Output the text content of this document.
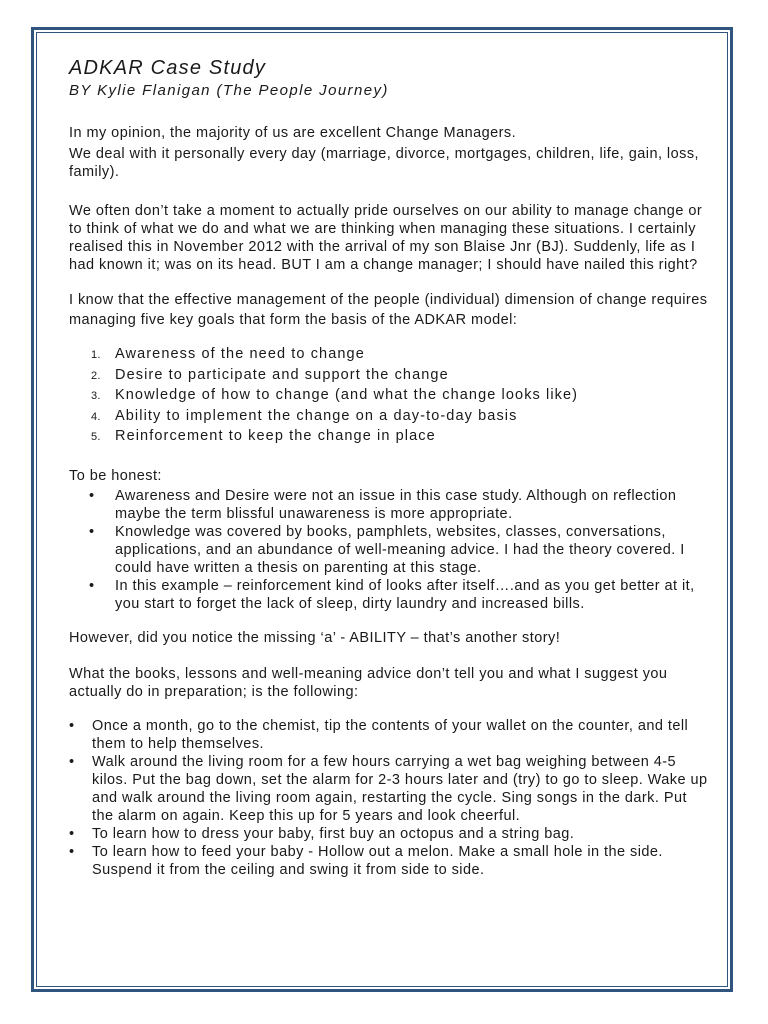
ADKAR Case Study
BY Kylie Flanigan (The People Journey)

In my opinion, the majority of us are excellent Change Managers.

We deal with it personally every day (marriage, divorce, mortgages, children, life, gain, loss, family).

We often don’t take a moment to actually pride ourselves on our ability to manage change or to think of what we do and what we are thinking when managing these situations. I certainly realised this in November 2012 with the arrival of my son Blaise Jnr (BJ). Suddenly, life as I had known it; was on its head. BUT I am a change manager; I should have nailed this right?

I know that the effective management of the people (individual) dimension of change requires managing five key goals that form the basis of the ADKAR model:

1. Awareness of the need to change
2. Desire to participate and support the change
3. Knowledge of how to change (and what the change looks like)
4. Ability to implement the change on a day-to-day basis
5. Reinforcement to keep the change in place

To be honest:

• Awareness and Desire were not an issue in this case study. Although on reflection maybe the term blissful unawareness is more appropriate.
• Knowledge was covered by books, pamphlets, websites, classes, conversations, applications, and an abundance of well-meaning advice. I had the theory covered. I could have written a thesis on parenting at this stage.
• In this example – reinforcement kind of looks after itself….and as you get better at it, you start to forget the lack of sleep, dirty laundry and increased bills.

However, did you notice the missing ‘a’ - ABILITY – that’s another story!

What the books, lessons and well-meaning advice don’t tell you and what I suggest you actually do in preparation; is the following:

• Once a month, go to the chemist, tip the contents of your wallet on the counter, and tell them to help themselves.
• Walk around the living room for a few hours carrying a wet bag weighing between 4-5 kilos. Put the bag down, set the alarm for 2-3 hours later and (try) to go to sleep. Wake up and walk around the living room again, restarting the cycle. Sing songs in the dark. Put the alarm on again. Keep this up for 5 years and look cheerful.
• To learn how to dress your baby, first buy an octopus and a string bag.
• To learn how to feed your baby - Hollow out a melon. Make a small hole in the side. Suspend it from the ceiling and swing it from side to side.
